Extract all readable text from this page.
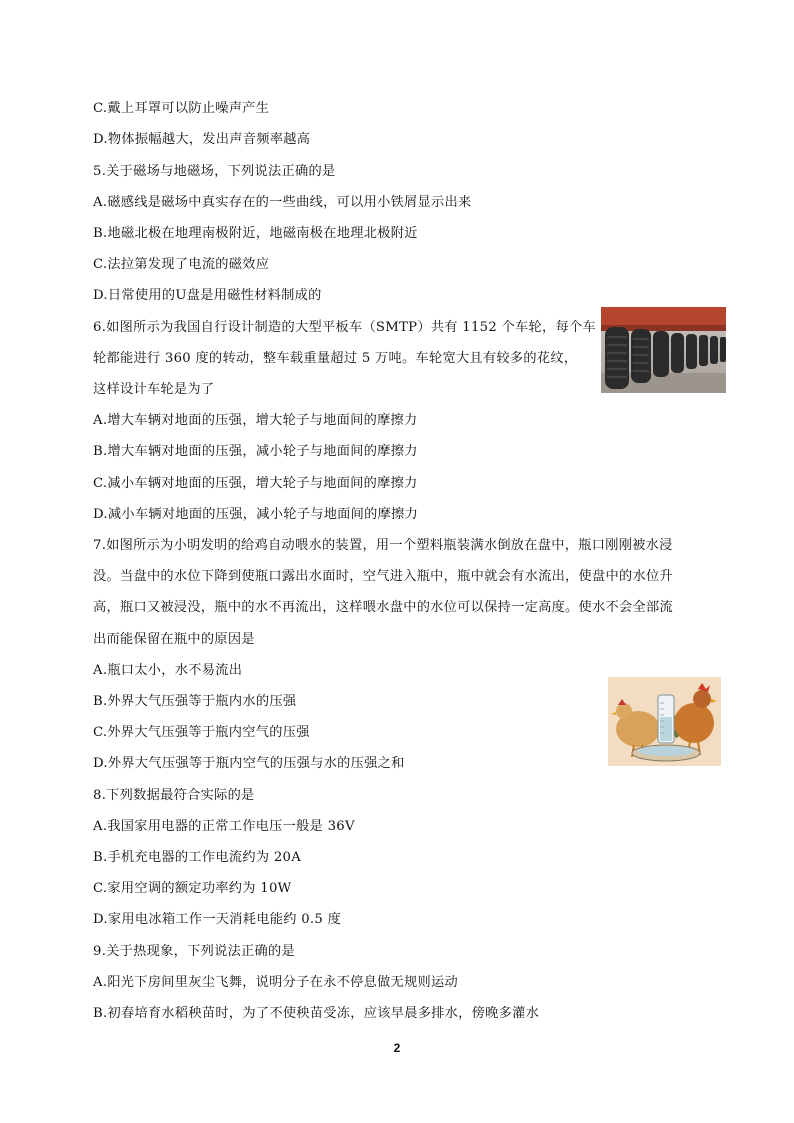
C.戴上耳罩可以防止噪声产生
D.物体振幅越大，发出声音频率越高
5.关于磁场与地磁场，下列说法正确的是
A.磁感线是磁场中真实存在的一些曲线，可以用小铁屑显示出来
B.地磁北极在地理南极附近，地磁南极在地理北极附近
C.法拉第发现了电流的磁效应
D.日常使用的U盘是用磁性材料制成的
6.如图所示为我国自行设计制造的大型平板车（SMTP）共有 1152 个车轮，每个车
轮都能进行 360 度的转动，整车载重量超过 5 万吨。车轮宽大且有较多的花纹，
这样设计车轮是为了
A.增大车辆对地面的压强，增大轮子与地面间的摩擦力
B.增大车辆对地面的压强，减小轮子与地面间的摩擦力
C.减小车辆对地面的压强，增大轮子与地面间的摩擦力
D.减小车辆对地面的压强，减小轮子与地面间的摩擦力
7.如图所示为小明发明的给鸡自动喂水的装置，用一个塑料瓶装满水倒放在盘中，瓶口刚刚被水浸
没。当盘中的水位下降到使瓶口露出水面时，空气进入瓶中，瓶中就会有水流出，使盘中的水位升
高，瓶口又被浸没，瓶中的水不再流出，这样喂水盘中的水位可以保持一定高度。使水不会全部流
出而能保留在瓶中的原因是
A.瓶口太小，水不易流出
B.外界大气压强等于瓶内水的压强
C.外界大气压强等于瓶内空气的压强
D.外界大气压强等于瓶内空气的压强与水的压强之和
8.下列数据最符合实际的是
A.我国家用电器的正常工作电压一般是 36V
B.手机充电器的工作电流约为 20A
C.家用空调的额定功率约为 10W
D.家用电冰箱工作一天消耗电能约 0.5 度
9.关于热现象，下列说法正确的是
A.阳光下房间里灰尘飞舞，说明分子在永不停息做无规则运动
B.初春培育水稻秧苗时，为了不使秧苗受冻，应该早晨多排水，傍晚多灌水
2
